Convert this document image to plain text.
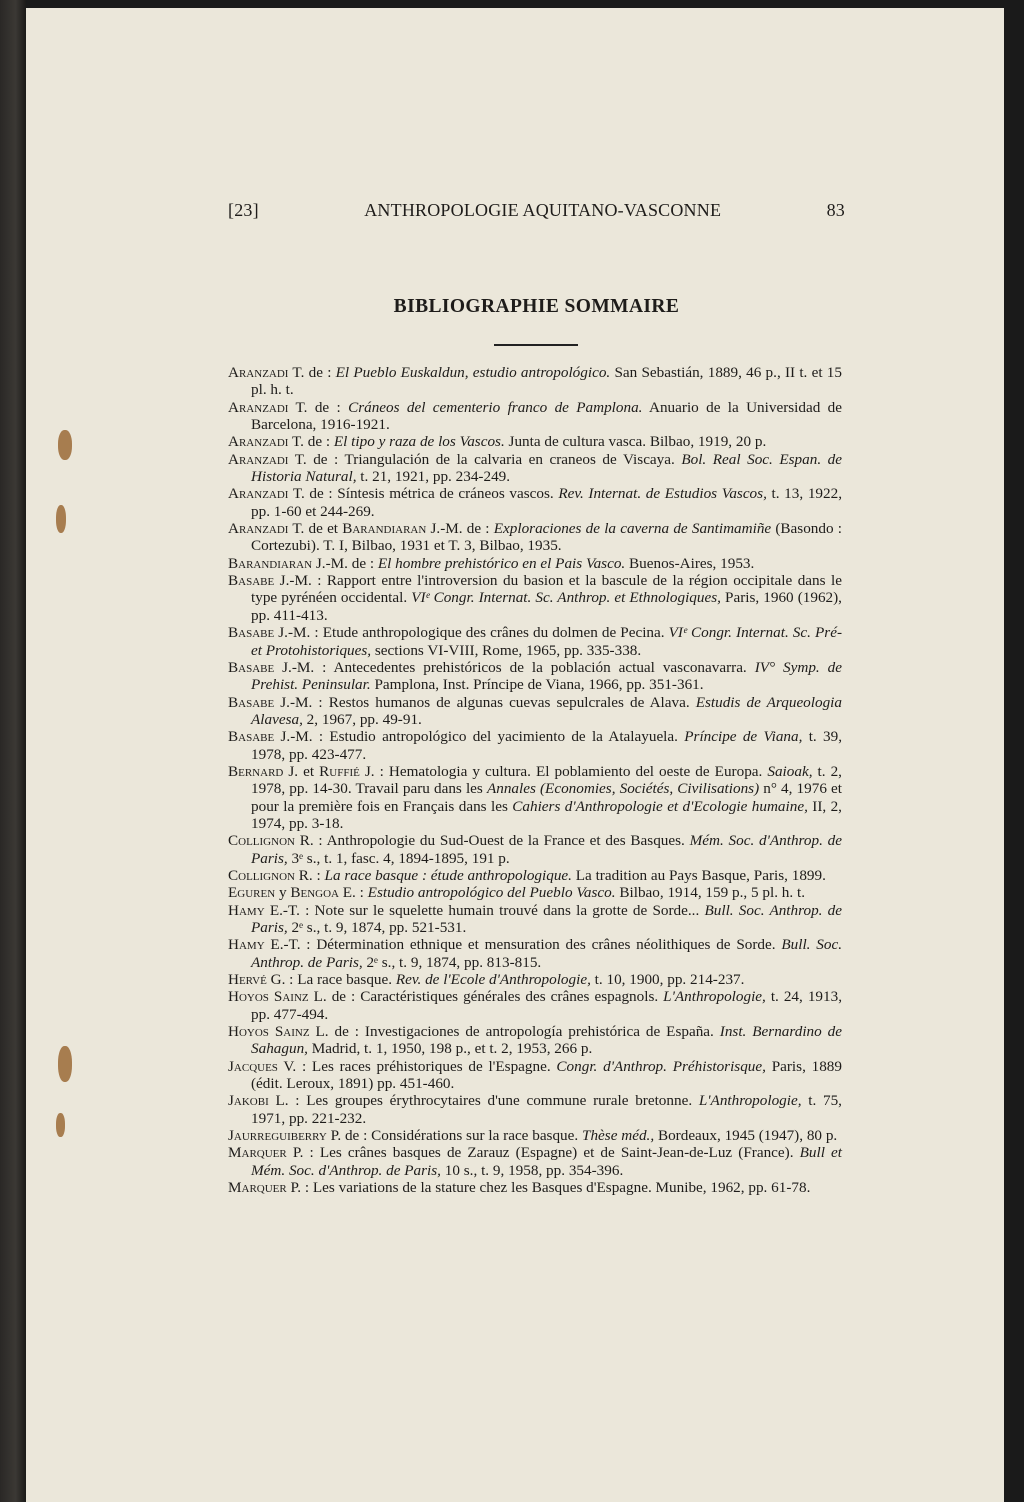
[23]	ANTHROPOLOGIE AQUITANO-VASCONNE	83
BIBLIOGRAPHIE SOMMAIRE

Aranzadi T. de : El Pueblo Euskaldun, estudio antropológico. San Sebastián, 1889, 46 p., II t. et 15 pl. h. t.

Aranzadi T. de : Cráneos del cementerio franco de Pamplona. Anuario de la Universidad de Barcelona, 1916-1921.

Aranzadi T. de : El tipo y raza de los Vascos. Junta de cultura vasca. Bilbao, 1919, 20 p.

Aranzadi T. de : Triangulación de la calvaria en craneos de Viscaya. Bol. Real Soc. Espan. de Historia Natural, t. 21, 1921, pp. 234-249.

Aranzadi T. de : Síntesis métrica de cráneos vascos. Rev. Internat. de Estudios Vascos, t. 13, 1922, pp. 1-60 et 244-269.

Aranzadi T. de et Barandiaran J.-M. de : Exploraciones de la caverna de Santimamiñe (Basondo : Cortezubi). T. I, Bilbao, 1931 et T. 3, Bilbao, 1935.

Barandiaran J.-M. de : El hombre prehistórico en el Pais Vasco. Buenos-Aires, 1953.

Basabe J.-M. : Rapport entre l'introversion du basion et la bascule de la région occipitale dans le type pyrénéen occidental. VIᵉ Congr. Internat. Sc. Anthrop. et Ethnologiques, Paris, 1960 (1962), pp. 411-413.

Basabe J.-M. : Etude anthropologique des crânes du dolmen de Pecina. VIᵉ Congr. Internat. Sc. Pré- et Protohistoriques, sections VI-VIII, Rome, 1965, pp. 335-338.

Basabe J.-M. : Antecedentes prehistóricos de la población actual vasconavarra. IV° Symp. de Prehist. Peninsular. Pamplona, Inst. Príncipe de Viana, 1966, pp. 351-361.

Basabe J.-M. : Restos humanos de algunas cuevas sepulcrales de Alava. Estudis de Arqueologia Alavesa, 2, 1967, pp. 49-91.

Basabe J.-M. : Estudio antropológico del yacimiento de la Atalayuela. Príncipe de Viana, t. 39, 1978, pp. 423-477.

Bernard J. et Ruffié J. : Hematologia y cultura. El poblamiento del oeste de Europa. Saioak, t. 2, 1978, pp. 14-30. Travail paru dans les Annales (Economies, Sociétés, Civilisations) n° 4, 1976 et pour la première fois en Français dans les Cahiers d'Anthropologie et d'Ecologie humaine, II, 2, 1974, pp. 3-18.

Collignon R. : Anthropologie du Sud-Ouest de la France et des Basques. Mém. Soc. d'Anthrop. de Paris, 3ᵉ s., t. 1, fasc. 4, 1894-1895, 191 p.

Collignon R. : La race basque : étude anthropologique. La tradition au Pays Basque, Paris, 1899.

Eguren y Bengoa E. : Estudio antropológico del Pueblo Vasco. Bilbao, 1914, 159 p., 5 pl. h. t.

Hamy E.-T. : Note sur le squelette humain trouvé dans la grotte de Sorde... Bull. Soc. Anthrop. de Paris, 2ᵉ s., t. 9, 1874, pp. 521-531.

Hamy E.-T. : Détermination ethnique et mensuration des crânes néolithiques de Sorde. Bull. Soc. Anthrop. de Paris, 2ᵉ s., t. 9, 1874, pp. 813-815.

Hervé G. : La race basque. Rev. de l'Ecole d'Anthropologie, t. 10, 1900, pp. 214-237.

Hoyos Sainz L. de : Caractéristiques générales des crânes espagnols. L'Anthropologie, t. 24, 1913, pp. 477-494.

Hoyos Sainz L. de : Investigaciones de antropología prehistórica de España. Inst. Bernardino de Sahagun, Madrid, t. 1, 1950, 198 p., et t. 2, 1953, 266 p.

Jacques V. : Les races préhistoriques de l'Espagne. Congr. d'Anthrop. Préhistorisque, Paris, 1889 (édit. Leroux, 1891) pp. 451-460.

Jakobi L. : Les groupes érythrocytaires d'une commune rurale bretonne. L'Anthropologie, t. 75, 1971, pp. 221-232.

Jaurreguiberry P. de : Considérations sur la race basque. Thèse méd., Bordeaux, 1945 (1947), 80 p.

Marquer P. : Les crânes basques de Zarauz (Espagne) et de Saint-Jean-de-Luz (France). Bull et Mém. Soc. d'Anthrop. de Paris, 10 s., t. 9, 1958, pp. 354-396.

Marquer P. : Les variations de la stature chez les Basques d'Espagne. Munibe, 1962, pp. 61-78.
